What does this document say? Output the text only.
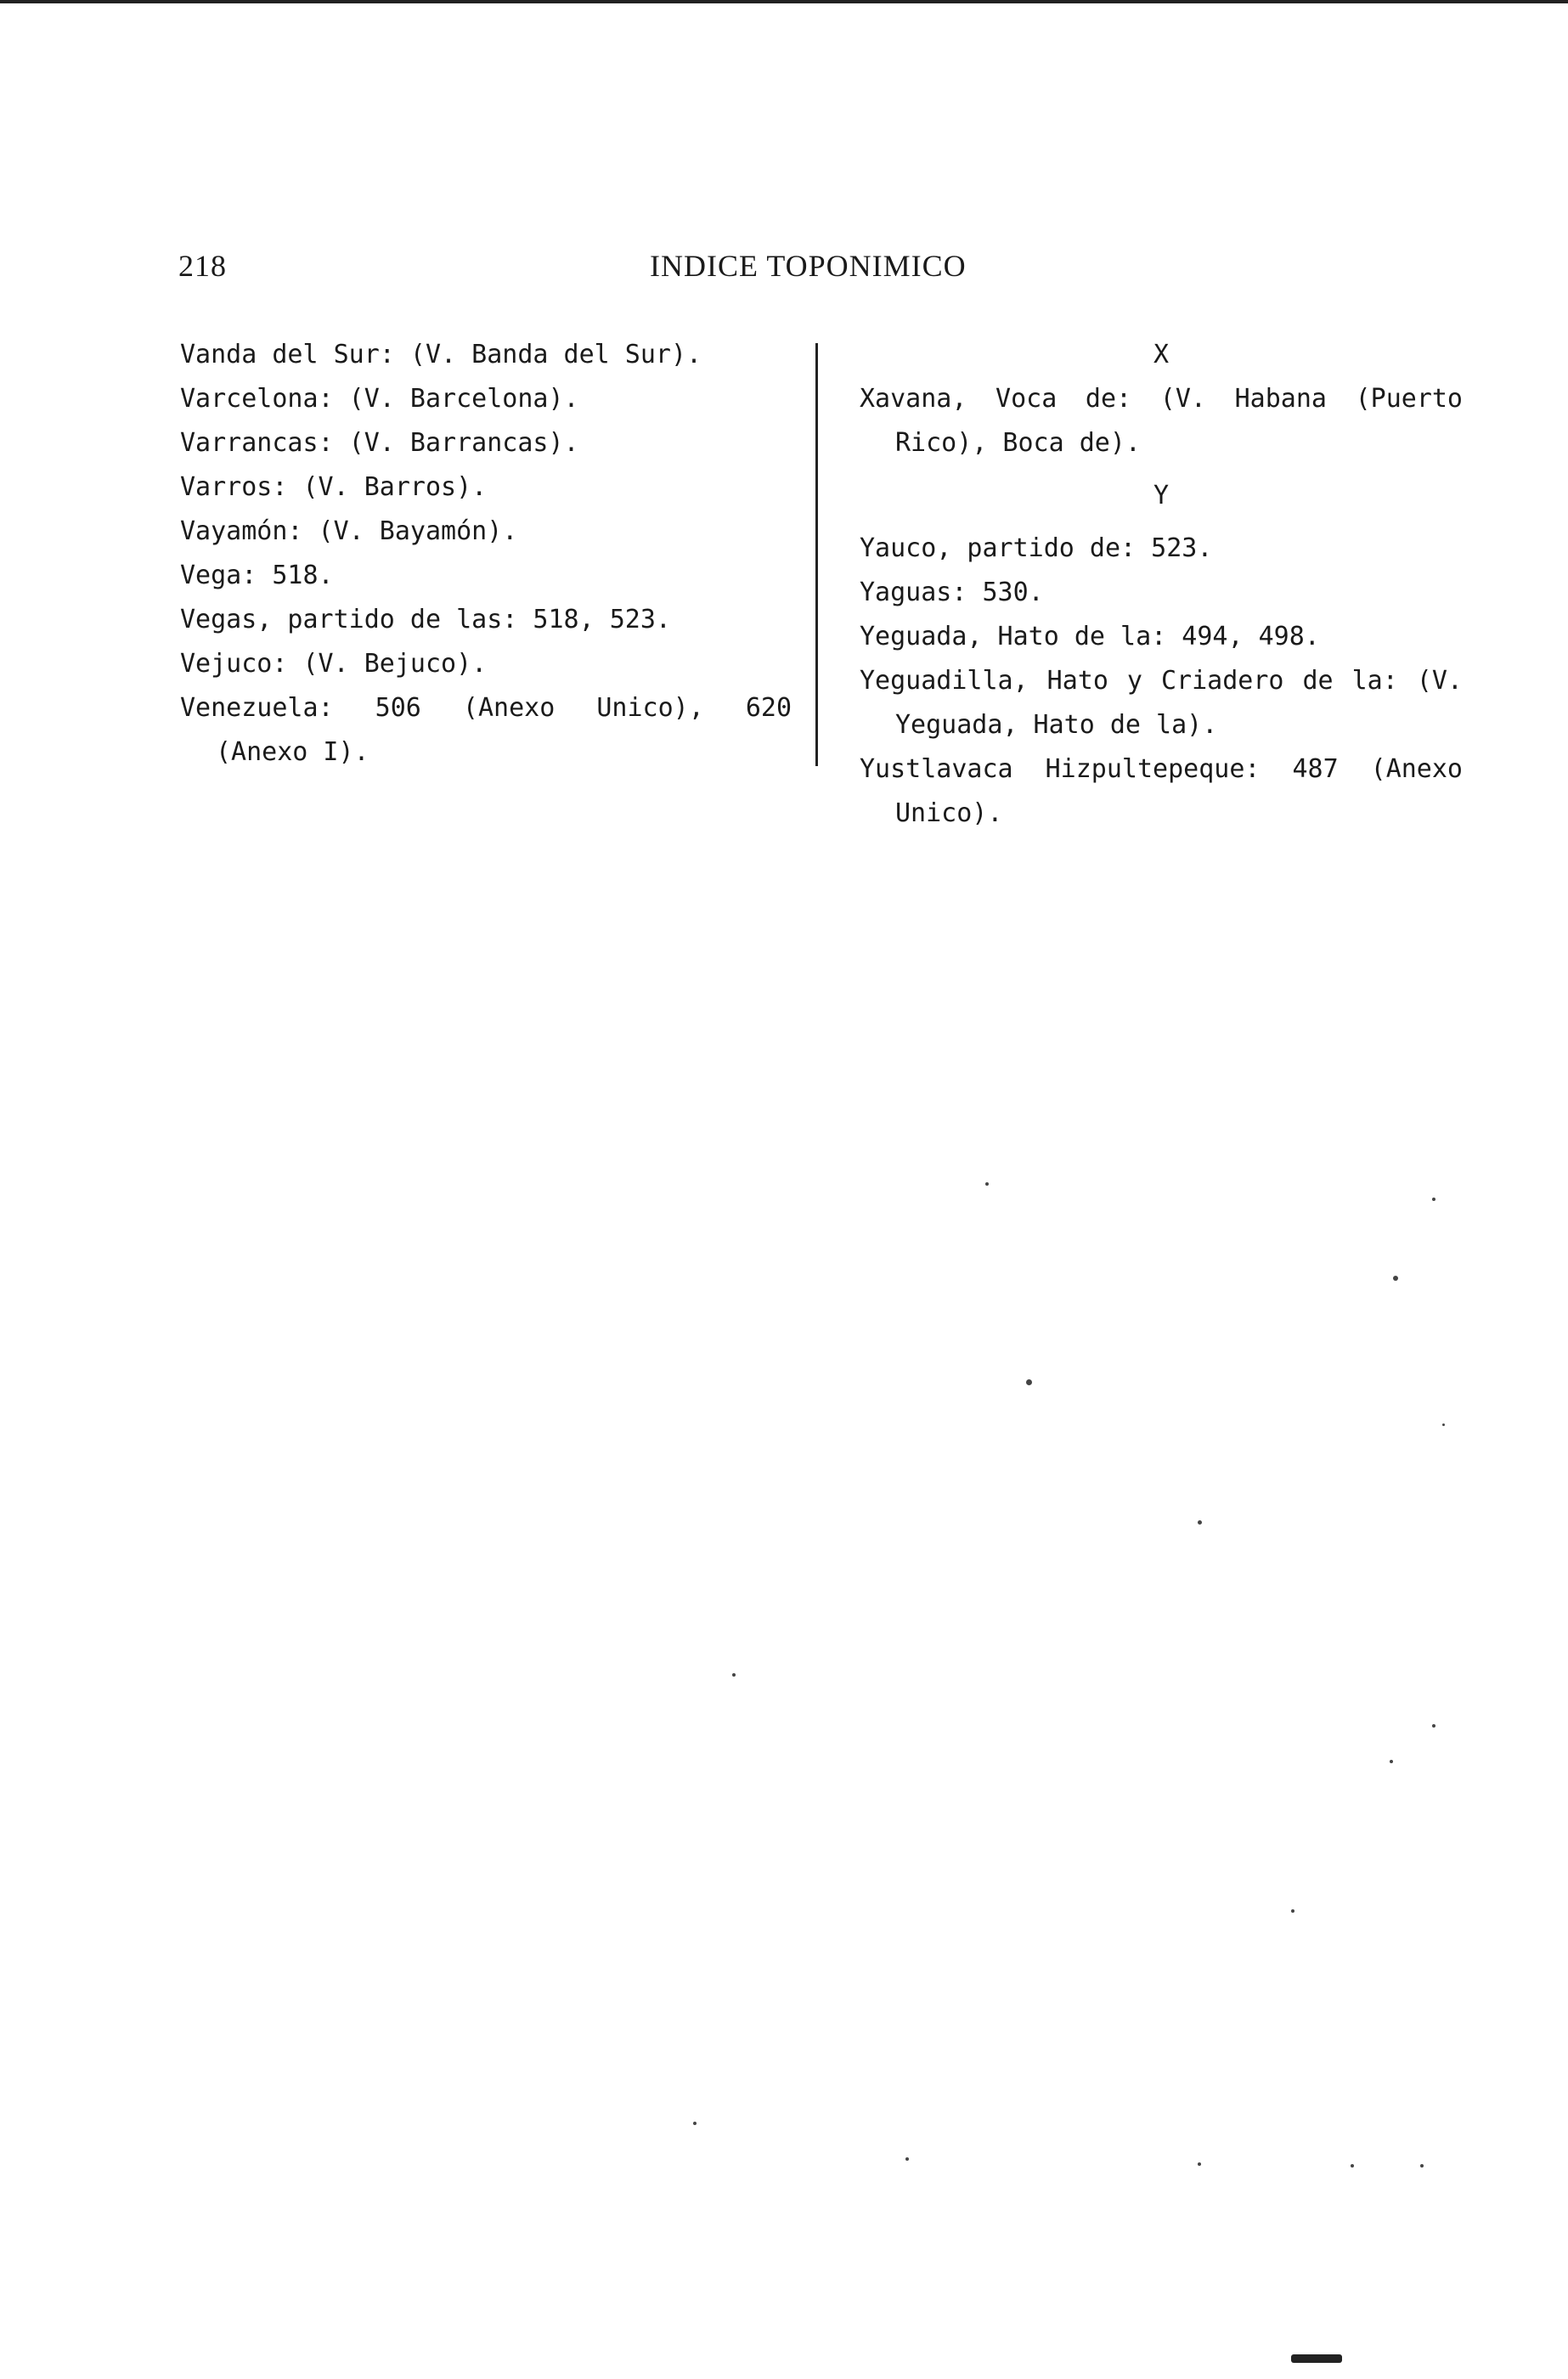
218	INDICE TOPONIMICO

Vanda del Sur: (V. Banda del Sur).

Varcelona: (V. Barcelona).

Varrancas: (V. Barrancas).

Varros: (V. Barros).

Vayamón: (V. Bayamón).

Vega: 518.

Vegas, partido de las: 518, 523.

Vejuco: (V. Bejuco).

Venezuela: 506 (Anexo Unico), 620 (Anexo I).

X

Xavana, Voca de: (V. Habana (Puerto Rico), Boca de).

Y

Yauco, partido de: 523.

Yaguas: 530.

Yeguada, Hato de la: 494, 498.

Yeguadilla, Hato y Criadero de la: (V. Yeguada, Hato de la).

Yustlavaca Hizpultepeque: 487 (Anexo Unico).
